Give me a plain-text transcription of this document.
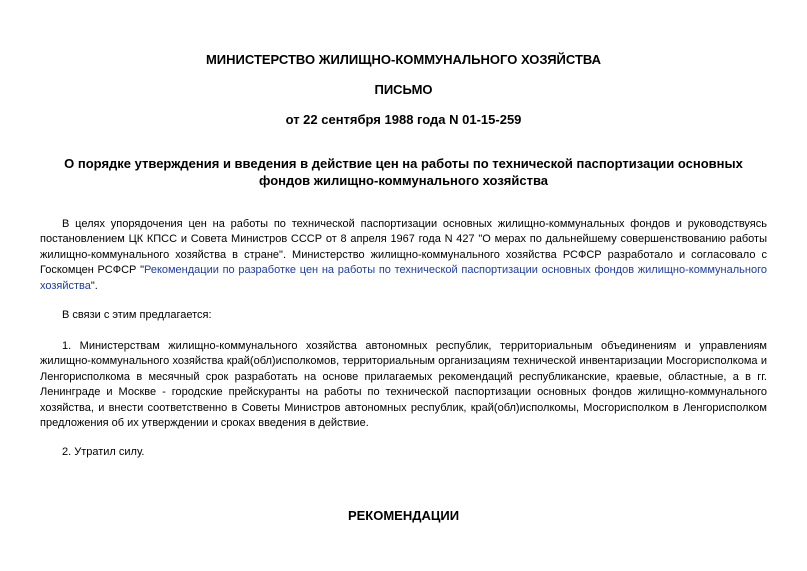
МИНИСТЕРСТВО ЖИЛИЩНО-КОММУНАЛЬНОГО ХОЗЯЙСТВА
ПИСЬМО
от 22 сентября 1988 года N 01-15-259
О порядке утверждения и введения в действие цен на работы по технической паспортизации основных фондов жилищно-коммунального хозяйства

В целях упорядочения цен на работы по технической паспортизации основных жилищно-коммунальных фондов и руководствуясь постановлением ЦК КПСС и Совета Министров СССР от 8 апреля 1967 года N 427 "О мерах по дальнейшему совершенствованию работы жилищно-коммунального хозяйства в стране". Министерство жилищно-коммунального хозяйства РСФСР разработало и согласовало с Госкомцен РСФСР "Рекомендации по разработке цен на работы по технической паспортизации основных фондов жилищно-коммунального хозяйства".

В связи с этим предлагается:

1. Министерствам жилищно-коммунального хозяйства автономных республик, территориальным объединениям и управлениям жилищно-коммунального хозяйства край(обл)исполкомов, территориальным организациям технической инвентаризации Мосгорисполкома и Ленгорисполкома в месячный срок разработать на основе прилагаемых рекомендаций республиканские, краевые, областные, а в гг. Ленинграде и Москве - городские прейскуранты на работы по технической паспортизации основных фондов жилищно-коммунального хозяйства, и внести соответственно в Советы Министров автономных республик, край(обл)исполкомы, Мосгорисполком в Ленгорисполком предложения об их утверждении и сроках введения в действие.

2. Утратил силу.

РЕКОМЕНДАЦИИ
